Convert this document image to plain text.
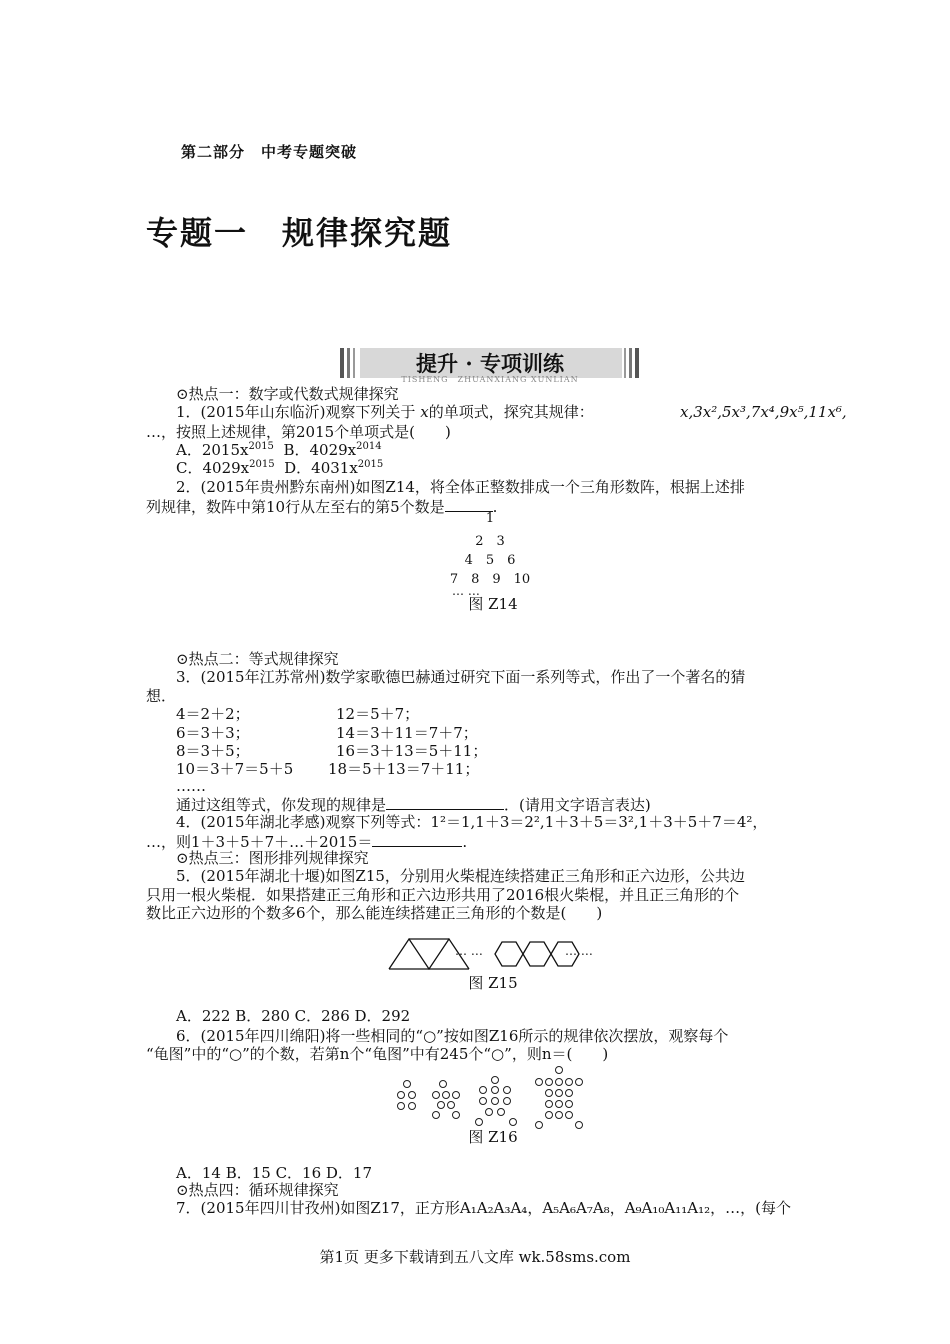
第二部分　中考专题突破
专题一　规律探究题
提升 · 专项训练
TISHENG　ZHUANXIANG XUNLIAN
⊙热点一：数字或代数式规律探究
1．(2015年山东临沂)观察下列关于 x的单项式，探究其规律：	x,3x²,5x³,7x⁴,9x⁵,11x⁶,
…，按照上述规律，第2015个单项式是(　　)
A．$2015x^{2015}$ B．$4029x^{2014}$
C．$4029x^{2015}$ D．$4031x^{2015}$
2．(2015年贵州黔东南州)如图Z14，将全体正整数排成一个三角形数阵，根据上述排
列规律，数阵中第10行从左至右的第5个数是	.
1
2　3
4　5　6
7　8　9　10
… …
图 Z14
⊙热点二：等式规律探究
3．(2015年江苏常州)数学家歌德巴赫通过研究下面一系列等式，作出了一个著名的猜
想．
4＝2＋2；
6＝3＋3；
8＝3＋5；
10＝3＋7＝5＋5
……
12＝5＋7；
14＝3＋11＝7＋7；
16＝3＋13＝5＋11；
18＝5＋13＝7＋11；
通过这组等式，你发现的规律是	．(请用文字语言表达)
4．(2015年湖北孝感)观察下列等式：1²＝1,1＋3＝2²,1＋3＋5＝3²,1＋3＋5＋7＝4²，
…，则1＋3＋5＋7＋…＋2015＝	.
⊙热点三：图形排列规律探究
5．(2015年湖北十堰)如图Z15，分别用火柴棍连续搭建正三角形和正六边形，公共边
只用一根火柴棍．如果搭建正三角形和正六边形共用了2016根火柴棍，并且正三角形的个
数比正六边形的个数多6个，那么能连续搭建正三角形的个数是(　　)
… …	… …
图 Z15
A．222 B．280 C．286 D．292
6．(2015年四川绵阳)将一些相同的“○”按如图Z16所示的规律依次摆放，观察每个
“龟图”中的“○”的个数，若第n个“龟图”中有245个“○”，则n＝(　　)
图 Z16
A．14 B．15 C．16 D．17
⊙热点四：循环规律探究
7．(2015年四川甘孜州)如图Z17，正方形A₁A₂A₃A₄，A₅A₆A₇A₈，A₉A₁₀A₁₁A₁₂，…，(每个
第1页 更多下载请到五八文库 wk.58sms.com
